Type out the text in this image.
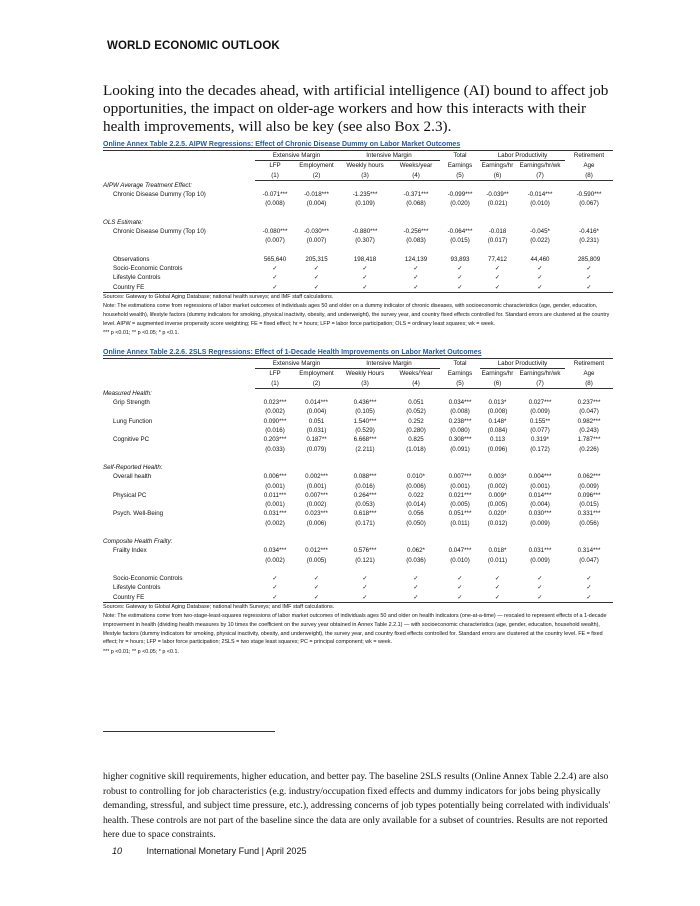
WORLD ECONOMIC OUTLOOK
Looking into the decades ahead, with artificial intelligence (AI) bound to affect job opportunities, the impact on older-age workers and how this interacts with their health improvements, will also be key (see also Box 2.3).
Online Annex Table 2.2.5. AIPW Regressions: Effect of Chronic Disease Dummy on Labor Market Outcomes
	Extensive Margin		Intensive Margin		Total	Labor Productivity		Retirement
	LFP	Employment	Weekly hours	Weeks/year	Earnings	Earnings/hr	Earnings/hr/wk	Age
	(1)	(2)	(3)	(4)	(5)	(6)	(7)	(8)
AIPW Average Treatment Effect:								
Chronic Disease Dummy (Top 10)	-0.071***	-0.018***	-1.235***	-0.371***	-0.099***	-0.039**	-0.014***	-0.590***
	(0.008)	(0.004)	(0.109)	(0.068)	(0.020)	(0.021)	(0.010)	(0.067)

OLS Estimate:								
Chronic Disease Dummy (Top 10)	-0.080***	-0.030***	-0.880***	-0.256***	-0.064***	-0.018	-0.045*	-0.416*
	(0.007)	(0.007)	(0.307)	(0.083)	(0.015)	(0.017)	(0.022)	(0.231)

Observations	565,640	205,315	198,418	124,139	93,893	77,412	44,460	285,809
Socio-Economic Controls	✓	✓	✓	✓	✓	✓	✓	✓
Lifestyle Controls	✓	✓	✓	✓	✓	✓	✓	✓
Country FE	✓	✓	✓	✓	✓	✓	✓	✓

Sources: Gateway to Global Aging Database; national health surveys; and IMF staff calculations.

Note: The estimations come from regressions of labor market outcomes of individuals ages 50 and older on a dummy indicator of chronic diseases, with socioeconomic characteristics (age, gender, education, household wealth), lifestyle factors (dummy indicators for smoking, physical inactivity, obesity, and underweight), the survey year, and country fixed effects controlled for. Standard errors are clustered at the country level. AIPW = augmented inverse propensity score weighting; FE = fixed effect; hr = hours; LFP = labor force participation; OLS = ordinary least squares; wk = week.

*** p <0.01; ** p <0.05; * p <0.1.

Online Annex Table 2.2.6. 2SLS Regressions: Effect of 1-Decade Health Improvements on Labor Market Outcomes
	Extensive Margin		Intensive Margin		Total	Labor Productivity		Retirement
	LFP	Employment	Weekly Hours	Weeks/Year	Earnings	Earnings/hr	Earnings/hr/wk	Age
	(1)	(2)	(3)	(4)	(5)	(6)	(7)	(8)
Measured Health:								
Grip Strength	0.023***	0.014***	0.436***	0.051	0.034***	0.013*	0.027***	0.237***
	(0.002)	(0.004)	(0.105)	(0.052)	(0.008)	(0.008)	(0.009)	(0.047)
Lung Function	0.090***	0.051	1.540***	0.252	0.238***	0.148*	0.155**	0.982***
	(0.016)	(0.031)	(0.529)	(0.280)	(0.080)	(0.084)	(0.077)	(0.243)
Cognitive PC	0.203***	0.187**	6.668***	0.825	0.308***	0.113	0.319*	1.787***
	(0.033)	(0.079)	(2.211)	(1.018)	(0.091)	(0.096)	(0.172)	(0.226)

Self-Reported Health:								
Overall health	0.006***	0.002***	0.088***	0.010*	0.007***	0.003*	0.004***	0.062***
	(0.001)	(0.001)	(0.016)	(0.006)	(0.001)	(0.002)	(0.001)	(0.009)
Physical PC	0.011***	0.007***	0.264***	0.022	0.021***	0.009*	0.014***	0.096***
	(0.001)	(0.002)	(0.053)	(0.014)	(0.005)	(0.005)	(0.004)	(0.015)
Psych. Well-Being	0.031***	0.023***	0.618***	0.056	0.051***	0.020*	0.030***	0.331***
	(0.002)	(0.006)	(0.171)	(0.050)	(0.011)	(0.012)	(0.009)	(0.056)

Composite Health Frailty:								
Frailty Index	0.034***	0.012***	0.576***	0.062*	0.047***	0.018*	0.031***	0.314***
	(0.002)	(0.005)	(0.121)	(0.036)	(0.010)	(0.011)	(0.009)	(0.047)

Socio-Economic Controls	✓	✓	✓	✓	✓	✓	✓	✓
Lifestyle Controls	✓	✓	✓	✓	✓	✓	✓	✓
Country FE	✓	✓	✓	✓	✓	✓	✓	✓

Sources: Gateway to Global Aging Database; national health Surveys; and IMF staff calculations.

Note: The estimations come from two-stage-least-squares regressions of labor market outcomes of individuals ages 50 and older on health indicators (one-at-a-time) — rescaled to represent effects of a 1-decade improvement in health (dividing health measures by 10 times the coefficient on the survey year obtained in Annex Table 2.2.1) — with socioeconomic characteristics (age, gender, education, household wealth), lifestyle factors (dummy indicators for smoking, physical inactivity, obesity, and underweight), the survey year, and country fixed effects controlled for. Standard errors are clustered at the country level. FE = fixed effect; hr = hours; LFP = labor force participation; 2SLS = two stage least squares; PC = principal component; wk = week.

*** p <0.01; ** p <0.05; * p <0.1.

higher cognitive skill requirements, higher education, and better pay. The baseline 2SLS results (Online Annex Table 2.2.4) are also robust to controlling for job characteristics (e.g. industry/occupation fixed effects and dummy indicators for jobs being physically demanding, stressful, and subject time pressure, etc.), addressing concerns of job types potentially being correlated with individuals' health. These controls are not part of the baseline since the data are only available for a subset of countries. Results are not reported here due to space constraints.
10	International Monetary Fund | April 2025
